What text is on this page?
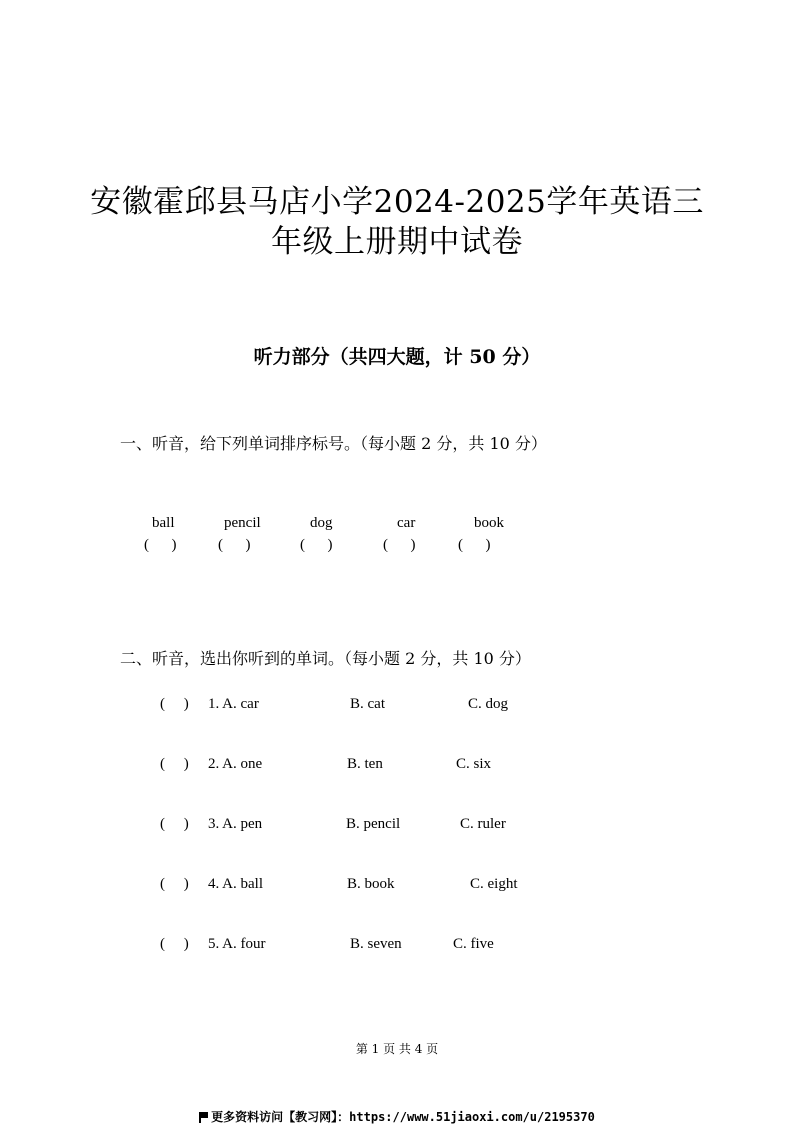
安徽霍邱县马店小学2024-2025学年英语三
年级上册期中试卷
听力部分（共四大题，计 50 分）
一、听音，给下列单词排序标号。（每小题 2 分，共 10 分）
ball	pencil	dog	car	book
(      )	(      )	(      )	(      )	(      )
二、听音，选出你听到的单词。（每小题 2 分，共 10 分）
(     ) 1. A. car	B. cat	C. dog
(     ) 2. A. one	B. ten	C. six
(     ) 3. A. pen	B. pencil	C. ruler
(     ) 4. A. ball	B. book	C. eight
(     ) 5. A. four	B. seven	C. five
第 1 页 共 4 页
更多资料访问【教习网】：https://www.51jiaoxi.com/u/2195370
